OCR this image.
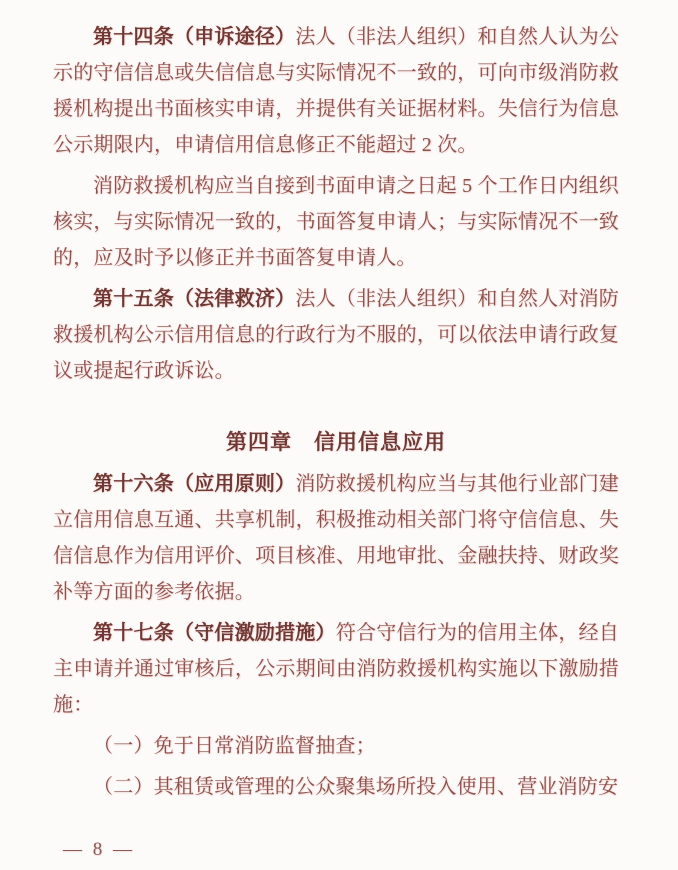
第十四条（申诉途径）法人（非法人组织）和自然人认为公示的守信信息或失信信息与实际情况不一致的，可向市级消防救援机构提出书面核实申请，并提供有关证据材料。失信行为信息公示期限内，申请信用信息修正不能超过 2 次。

消防救援机构应当自接到书面申请之日起 5 个工作日内组织核实，与实际情况一致的，书面答复申请人；与实际情况不一致的，应及时予以修正并书面答复申请人。

第十五条（法律救济）法人（非法人组织）和自然人对消防救援机构公示信用信息的行政行为不服的，可以依法申请行政复议或提起行政诉讼。

第四章　信用信息应用

第十六条（应用原则）消防救援机构应当与其他行业部门建立信用信息互通、共享机制，积极推动相关部门将守信信息、失信信息作为信用评价、项目核准、用地审批、金融扶持、财政奖补等方面的参考依据。

第十七条（守信激励措施）符合守信行为的信用主体，经自主申请并通过审核后，公示期间由消防救援机构实施以下激励措施：

（一）免于日常消防监督抽查；

（二）其租赁或管理的公众聚集场所投入使用、营业消防安

— 8 —
